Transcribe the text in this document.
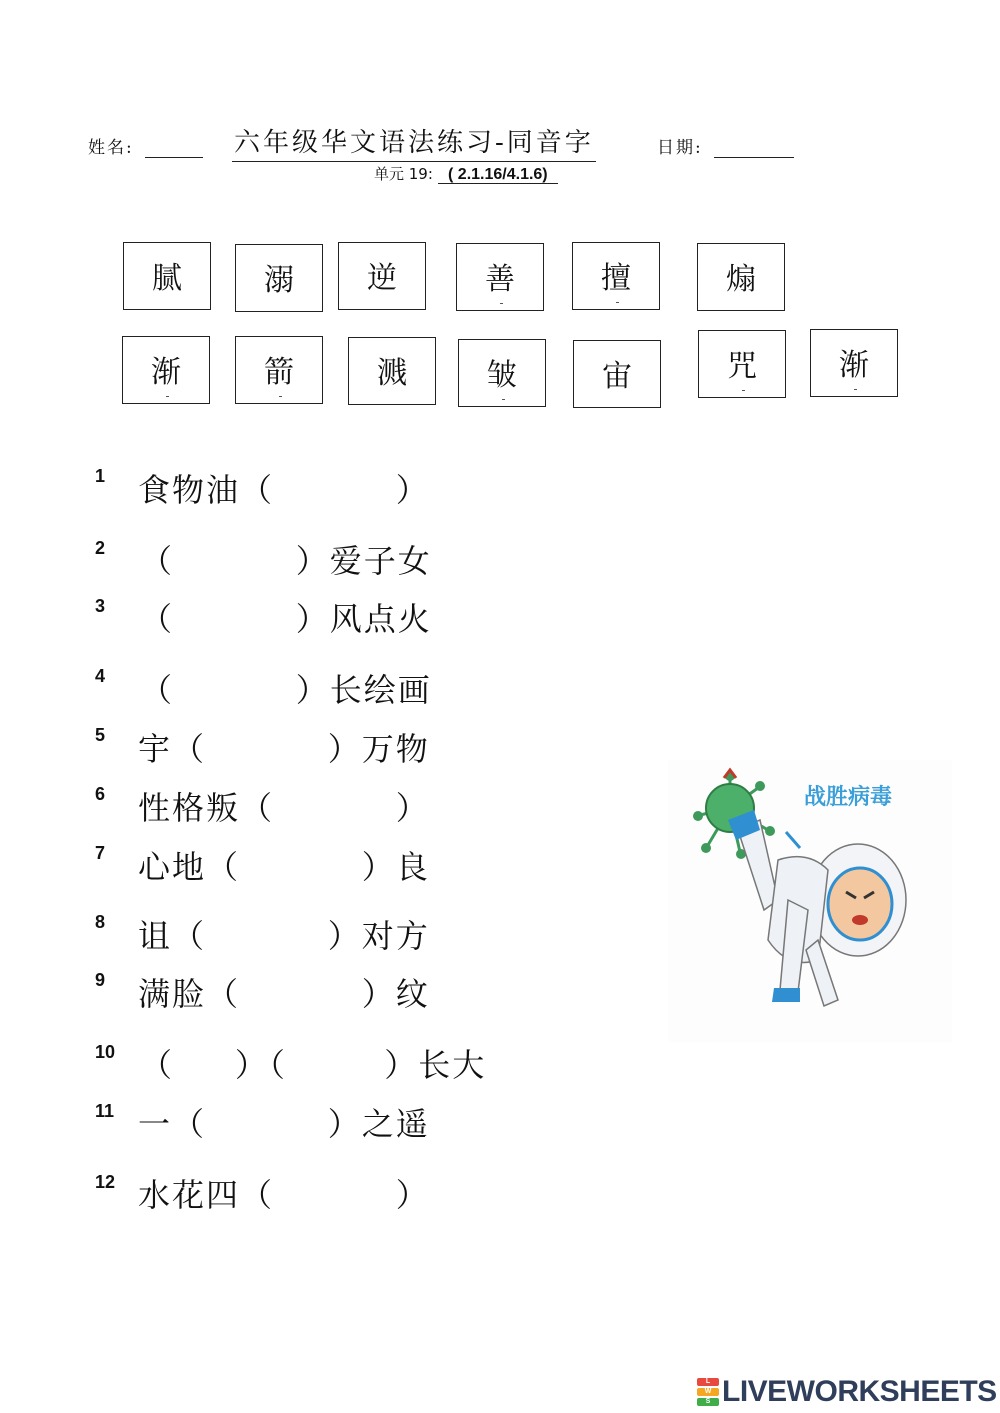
姓名:	六年级华文语法练习-同音字	日期:
单元 19: ( 2.1.16/4.1.6)
腻	溺 逆	善	擅	煽
渐	箭	溅	皱	宙	咒	渐
1 食物油（          ）
2 （          ）爱子女
3 （          ）风点火
4 （          ）长绘画
5 宇（          ）万物
6 性格叛（          ）
7 心地（          ）良
8 诅（          ）对方
9 满脸（          ）纹
10 （     ）（        ）长大
11 一（          ）之遥
12 水花四（          ）
战胜病毒
L
W
S LIVEWORKSHEETS
